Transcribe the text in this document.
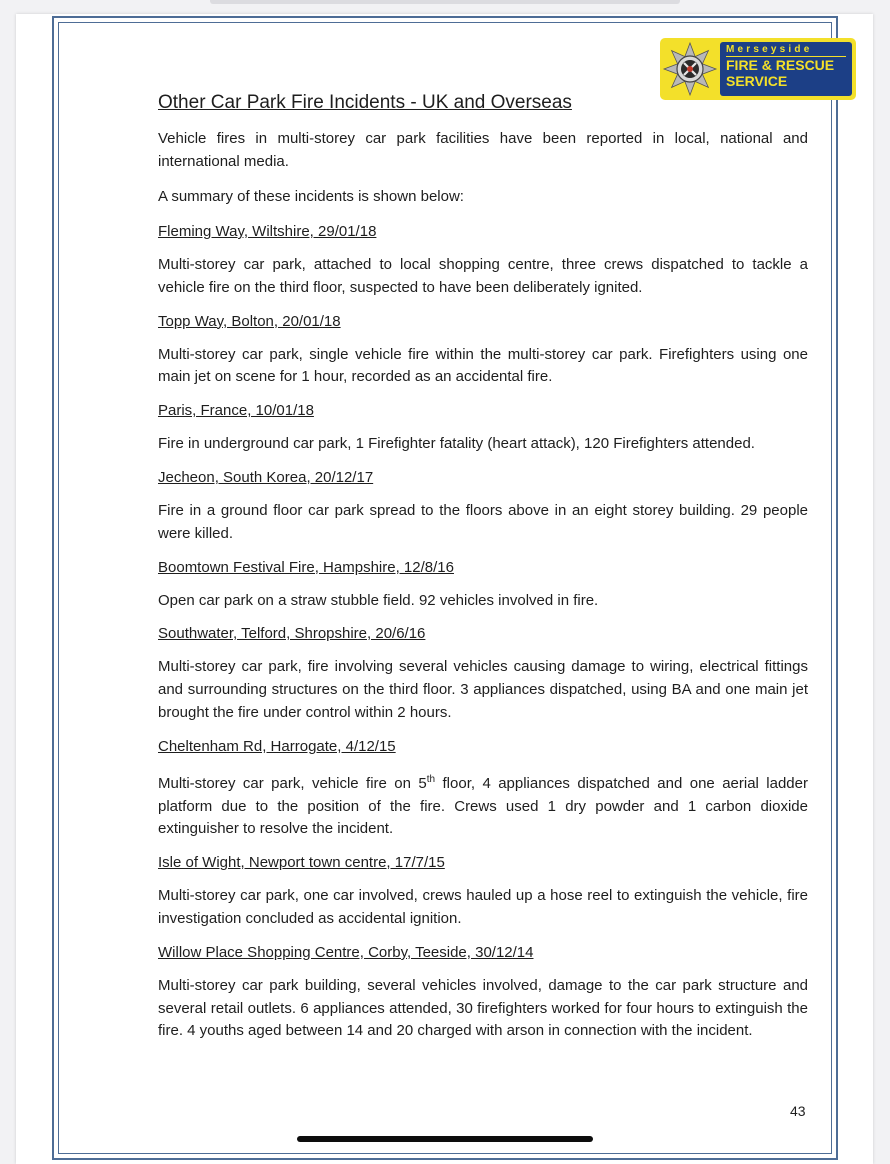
Merseyside
FIRE & RESCUE
SERVICE
Other Car Park Fire Incidents - UK and Overseas

Vehicle fires in multi-storey car park facilities have been reported in local, national and international media.

A summary of these incidents is shown below:

Fleming Way, Wiltshire, 29/01/18

Multi-storey car park, attached to local shopping centre, three crews dispatched to tackle a vehicle fire on the third floor, suspected to have been deliberately ignited.

Topp Way, Bolton, 20/01/18

Multi-storey car park, single vehicle fire within the multi-storey car park. Firefighters using one main jet on scene for 1 hour, recorded as an accidental fire.

Paris, France, 10/01/18

Fire in underground car park, 1 Firefighter fatality (heart attack), 120 Firefighters attended.

Jecheon, South Korea, 20/12/17

Fire in a ground floor car park spread to the floors above in an eight storey building. 29 people were killed.

Boomtown Festival Fire, Hampshire, 12/8/16

Open car park on a straw stubble field. 92 vehicles involved in fire.

Southwater, Telford, Shropshire, 20/6/16

Multi-storey car park, fire involving several vehicles causing damage to wiring, electrical fittings and surrounding structures on the third floor. 3 appliances dispatched, using BA and one main jet brought the fire under control within 2 hours.

Cheltenham Rd, Harrogate, 4/12/15

Multi-storey car park, vehicle fire on 5th floor, 4 appliances dispatched and one aerial ladder platform due to the position of the fire. Crews used 1 dry powder and 1 carbon dioxide extinguisher to resolve the incident.

Isle of Wight, Newport town centre, 17/7/15

Multi-storey car park, one car involved, crews hauled up a hose reel to extinguish the vehicle, fire investigation concluded as accidental ignition.

Willow Place Shopping Centre, Corby, Teeside, 30/12/14

Multi-storey car park building, several vehicles involved, damage to the car park structure and several retail outlets. 6 appliances attended, 30 firefighters worked for four hours to extinguish the fire. 4 youths aged between 14 and 20 charged with arson in connection with the incident.

43
